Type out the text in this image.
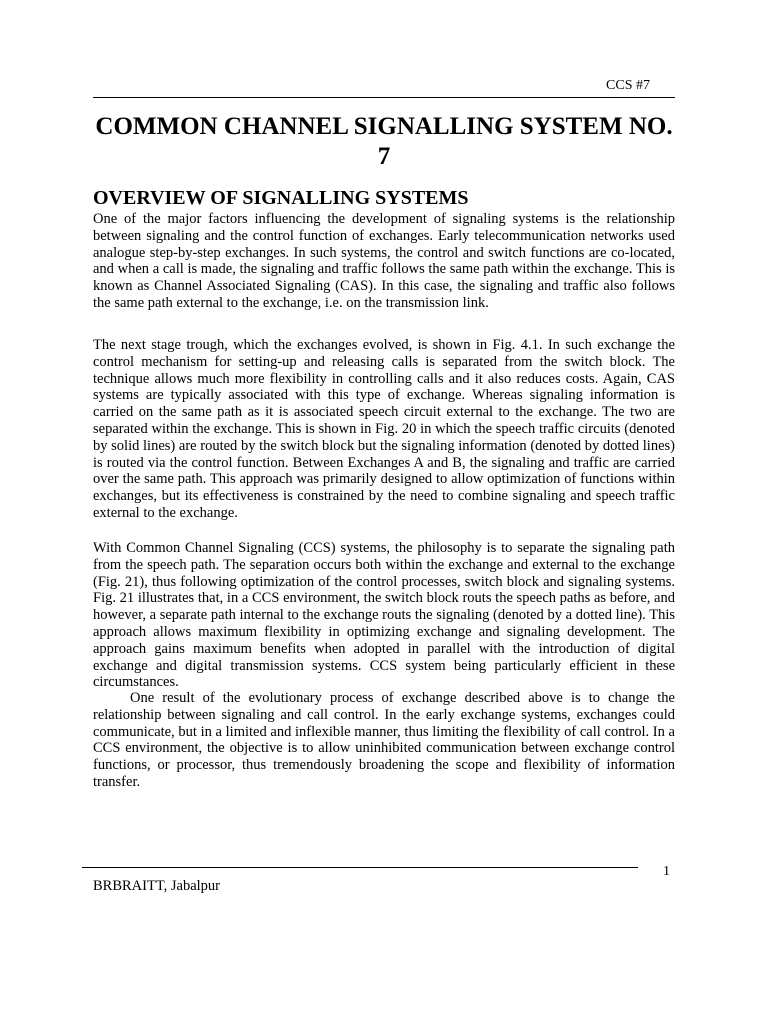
CCS #7
COMMON CHANNEL SIGNALLING SYSTEM NO. 7
OVERVIEW OF SIGNALLING SYSTEMS

One of the major factors influencing the development of signaling systems is the relationship between signaling and the control function of exchanges. Early telecommunication networks used analogue step-by-step exchanges. In such systems, the control and switch functions are co-located, and when a call is made, the signaling and traffic follows the same path within the exchange. This is known as Channel Associated Signaling (CAS). In this case, the signaling and traffic also follows the same path external to the exchange, i.e. on the transmission link.

The next stage trough, which the exchanges evolved, is shown in Fig. 4.1. In such exchange the control mechanism for setting-up and releasing calls is separated from the switch block. The technique allows much more flexibility in controlling calls and it also reduces costs. Again, CAS systems are typically associated with this type of exchange. Whereas signaling information is carried on the same path as it is associated speech circuit external to the exchange. The two are separated within the exchange. This is shown in Fig. 20 in which the speech traffic circuits (denoted by solid lines) are routed by the switch block but the signaling information (denoted by dotted lines) is routed via the control function. Between Exchanges A and B, the signaling and traffic are carried over the same path. This approach was primarily designed to allow optimization of functions within exchanges, but its effectiveness is constrained by the need to combine signaling and speech traffic external to the exchange.

With Common Channel Signaling (CCS) systems, the philosophy is to separate the signaling path from the speech path. The separation occurs both within the exchange and external to the exchange (Fig. 21), thus following optimization of the control processes, switch block and signaling systems. Fig. 21 illustrates that, in a CCS environment, the switch block routs the speech paths as before, and however, a separate path internal to the exchange routs the signaling (denoted by a dotted line). This approach allows maximum flexibility in optimizing exchange and signaling development. The approach gains maximum benefits when adopted in parallel with the introduction of digital exchange and digital transmission systems. CCS system being particularly efficient in these circumstances.

One result of the evolutionary process of exchange described above is to change the relationship between signaling and call control. In the early exchange systems, exchanges could communicate, but in a limited and inflexible manner, thus limiting the flexibility of call control. In a CCS environment, the objective is to allow uninhibited communication between exchange control functions, or processor, thus tremendously broadening the scope and flexibility of information transfer.

1
BRBRAITT, Jabalpur
